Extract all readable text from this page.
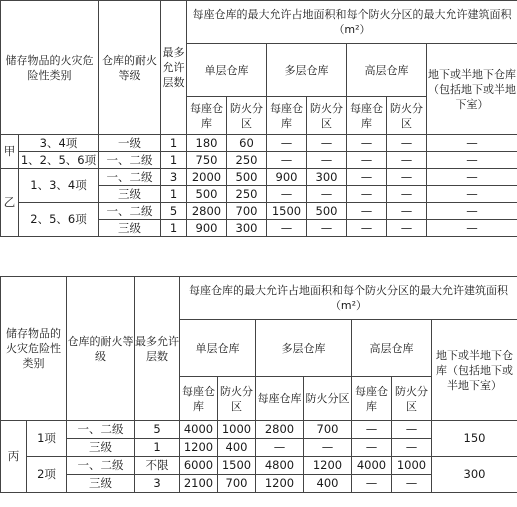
储存物品的火灾危险性类别		仓库的耐火等级	最多允许层数	每座仓库的最大允许占地面积和每个防火分区的最大允许建筑面积（m²）						
				单层仓库		多层仓库		高层仓库		地下或半地下仓库（包括地下或半地下室）
				每座仓库	防火分区	每座仓库	防火分区	每座仓库	防火分区	
甲	3、4项	一级	1	180	60	—	—	—	—	—
	1、2、5、6项	一、二级	1	750	250	—	—	—	—	—
乙	1、3、4项	一、二级	3	2000	500	900	300	—	—	—
		三级	1	500	250	—	—	—	—	—
	2、5、6项	一、二级	5	2800	700	1500	500	—	—	—
		三级	1	900	300	—	—	—	—	—
储存物品的火灾危险性类别		仓库的耐火等级	最多允许层数	每座仓库的最大允许占地面积和每个防火分区的最大允许建筑面积（m²）						
				单层仓库		多层仓库		高层仓库		地下或半地下仓库（包括地下或半地下室）
				每座仓库	防火分区	每座仓库	防火分区	每座仓库	防火分区	
丙	1项	一、二级	5	4000	1000	2800	700	—	—	150
		三级	1	1200	400	—	—	—	—	
	2项	一、二级	不限	6000	1500	4800	1200	4000	1000	300
		三级	3	2100	700	1200	400	—	—	
